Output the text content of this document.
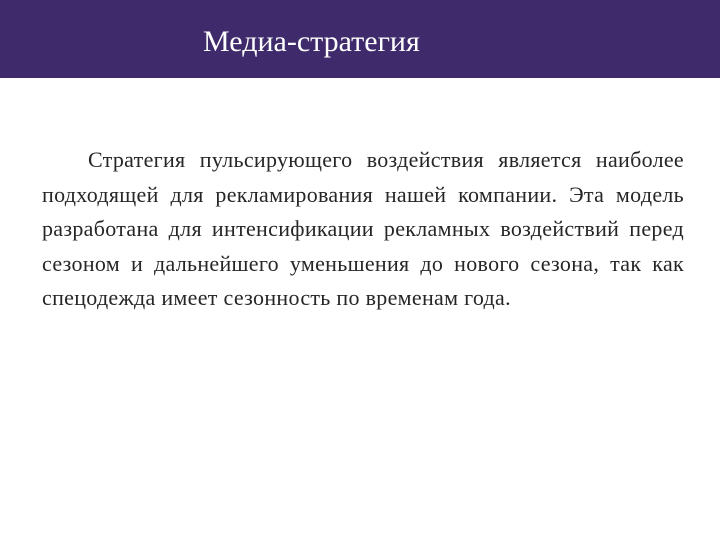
Медиа-стратегия

Стратегия пульсирующего воздействия является наиболее подходящей для рекламирования нашей компании. Эта модель разработана для интенсификации рекламных воздействий перед сезоном и дальнейшего уменьшения до нового сезона, так как спецодежда имеет сезонность по временам года.
